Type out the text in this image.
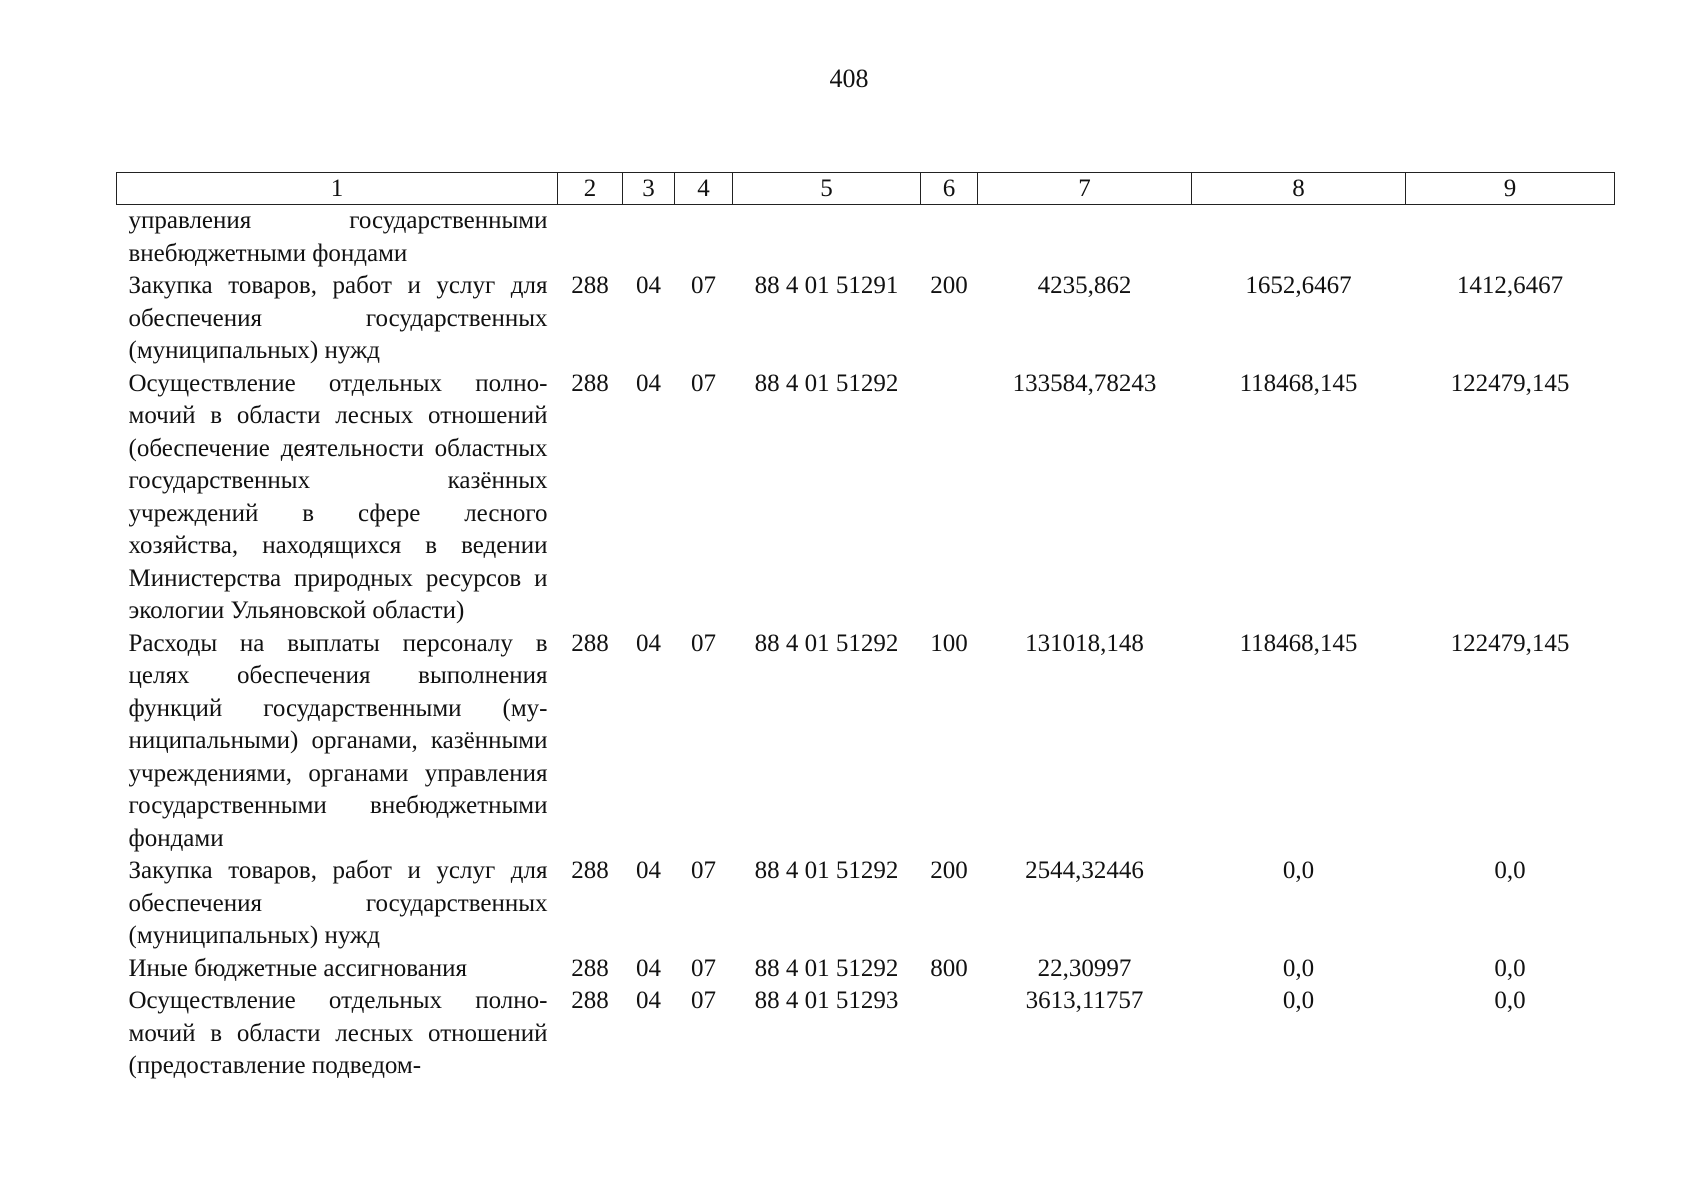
408
1	2	3	4	5	6	7	8	9
управления государственными внебюджетными фондами								
Закупка товаров, работ и услуг для обеспечения государственных (муниципальных) нужд	288	04	07	88 4 01 51291	200	4235,862	1652,6467	1412,6467
Осуществление отдельных полномочий в области лесных отношений (обеспечение деятельности областных государственных казённых учреждений в сфере лесного хозяйства, находящихся в ведении Министерства природных ресурсов и экологии Ульяновской области)	288	04	07	88 4 01 51292		133584,78243	118468,145	122479,145
Расходы на выплаты персоналу в целях обеспечения выполнения функций государственными (муниципальными) органами, казёнными учреждениями, органами управления государственными внебюджетными фондами	288	04	07	88 4 01 51292	100	131018,148	118468,145	122479,145
Закупка товаров, работ и услуг для обеспечения государственных (муниципальных) нужд	288	04	07	88 4 01 51292	200	2544,32446	0,0	0,0
Иные бюджетные ассигнования	288	04	07	88 4 01 51292	800	22,30997	0,0	0,0
Осуществление отдельных полномочий в области лесных отношений (предоставление подведом-	288	04	07	88 4 01 51293		3613,11757	0,0	0,0
